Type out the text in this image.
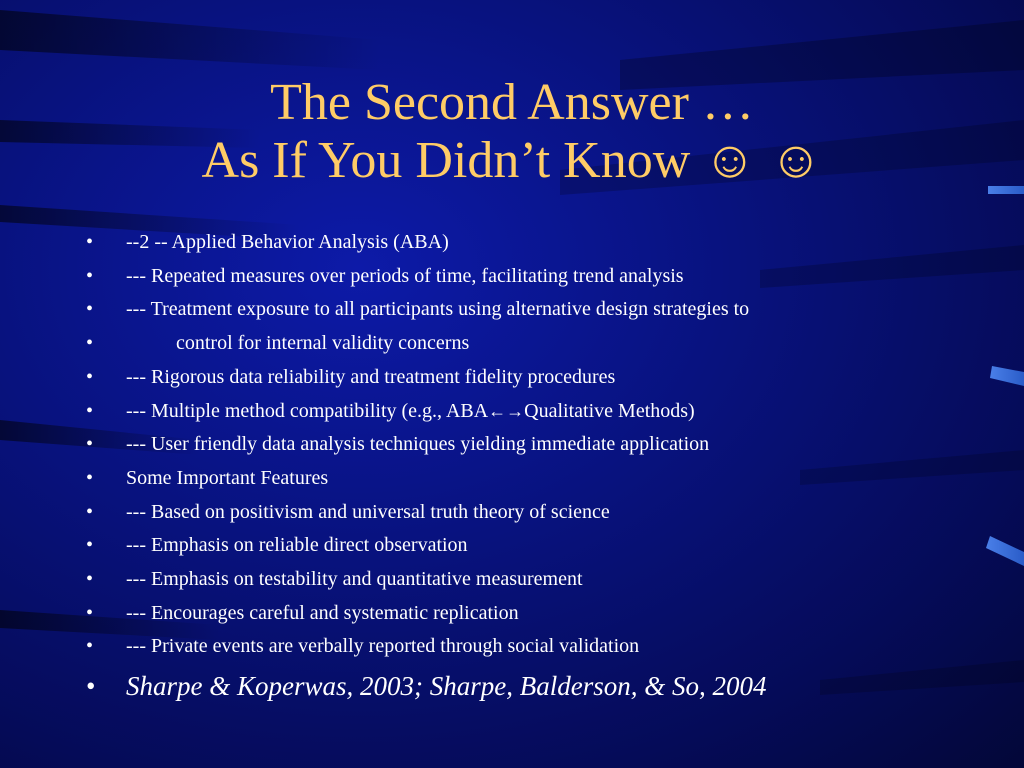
The Second Answer …
As If You Didn’t Know ☺ ☺
• --2 -- Applied Behavior Analysis (ABA)
• --- Repeated measures over periods of time, facilitating trend analysis
• --- Treatment exposure to all participants using alternative design strategies to
•	control for internal validity concerns
• --- Rigorous data reliability and treatment fidelity procedures
• --- Multiple method compatibility (e.g., ABA←→Qualitative Methods)
• --- User friendly data analysis techniques yielding immediate application
• Some Important Features
• --- Based on positivism and universal truth theory of science
• --- Emphasis on reliable direct observation
• --- Emphasis on testability and quantitative measurement
• --- Encourages careful and systematic replication
• --- Private events are verbally reported through social validation
• Sharpe & Koperwas, 2003; Sharpe, Balderson, & So, 2004
